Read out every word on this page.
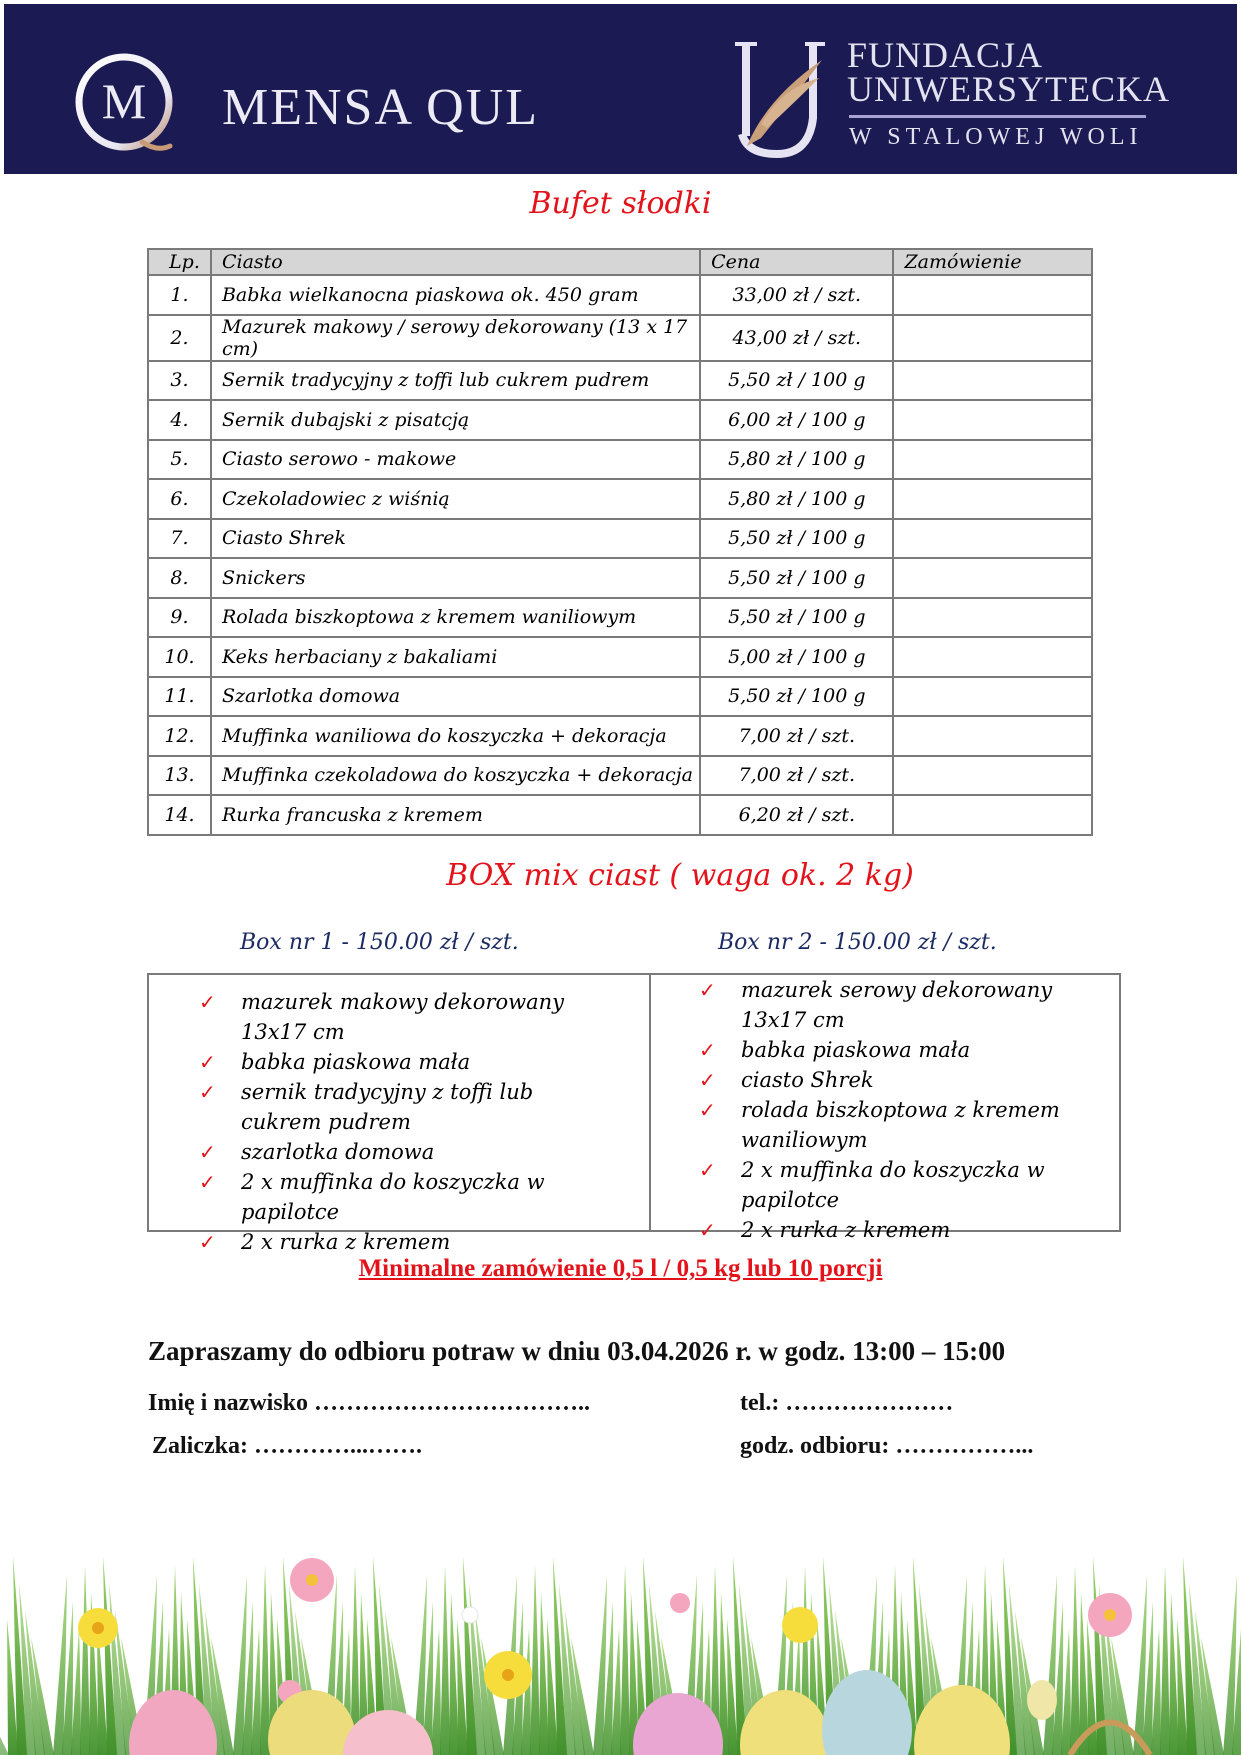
M MENSA QUL
FUNDACJA
UNIWERSYTECKA
W STALOWEJ WOLI
Bufet słodki
Lp.	Ciasto	Cena	Zamówienie
1.	Babka wielkanocna piaskowa ok. 450 gram	33,00 zł / szt.	
2.	Mazurek makowy / serowy dekorowany (13 x 17 cm)	43,00 zł / szt.	
3.	Sernik tradycyjny z toffi lub cukrem pudrem	5,50 zł / 100 g	
4.	Sernik dubajski z pisatcją	6,00 zł / 100 g	
5.	Ciasto serowo - makowe	5,80 zł / 100 g	
6.	Czekoladowiec z wiśnią	5,80 zł / 100 g	
7.	Ciasto Shrek	5,50 zł / 100 g	
8.	Snickers	5,50 zł / 100 g	
9.	Rolada biszkoptowa z kremem waniliowym	5,50 zł / 100 g	
10.	Keks herbaciany z bakaliami	5,00 zł / 100 g	
11.	Szarlotka domowa	5,50 zł / 100 g	
12.	Muffinka waniliowa do koszyczka + dekoracja	7,00 zł / szt.	
13.	Muffinka czekoladowa do koszyczka + dekoracja	7,00 zł / szt.	
14.	Rurka francuska z kremem	6,20 zł / szt.	
BOX mix ciast ( waga ok. 2 kg)
Box nr 1 - 150.00 zł / szt.	Box nr 2 - 150.00 zł / szt.
✓ mazurek makowy dekorowany 13x17 cm
✓ babka piaskowa mała
✓ sernik tradycyjny z toffi lub cukrem pudrem
✓ szarlotka domowa
✓ 2 x muffinka do koszyczka w papilotce
✓ 2 x rurka z kremem
✓ mazurek serowy dekorowany 13x17 cm
✓ babka piaskowa mała
✓ ciasto Shrek
✓ rolada biszkoptowa z kremem waniliowym
✓ 2 x muffinka do koszyczka w papilotce
✓ 2 x rurka z kremem
Minimalne zamówienie 0,5 l / 0,5 kg lub 10 porcji
Zapraszamy do odbioru potraw w dniu 03.04.2026 r. w godz. 13:00 – 15:00
Imię i nazwisko ……………………………..	tel.: …………………
Zaliczka: …………...…….	godz. odbioru: ……………...
